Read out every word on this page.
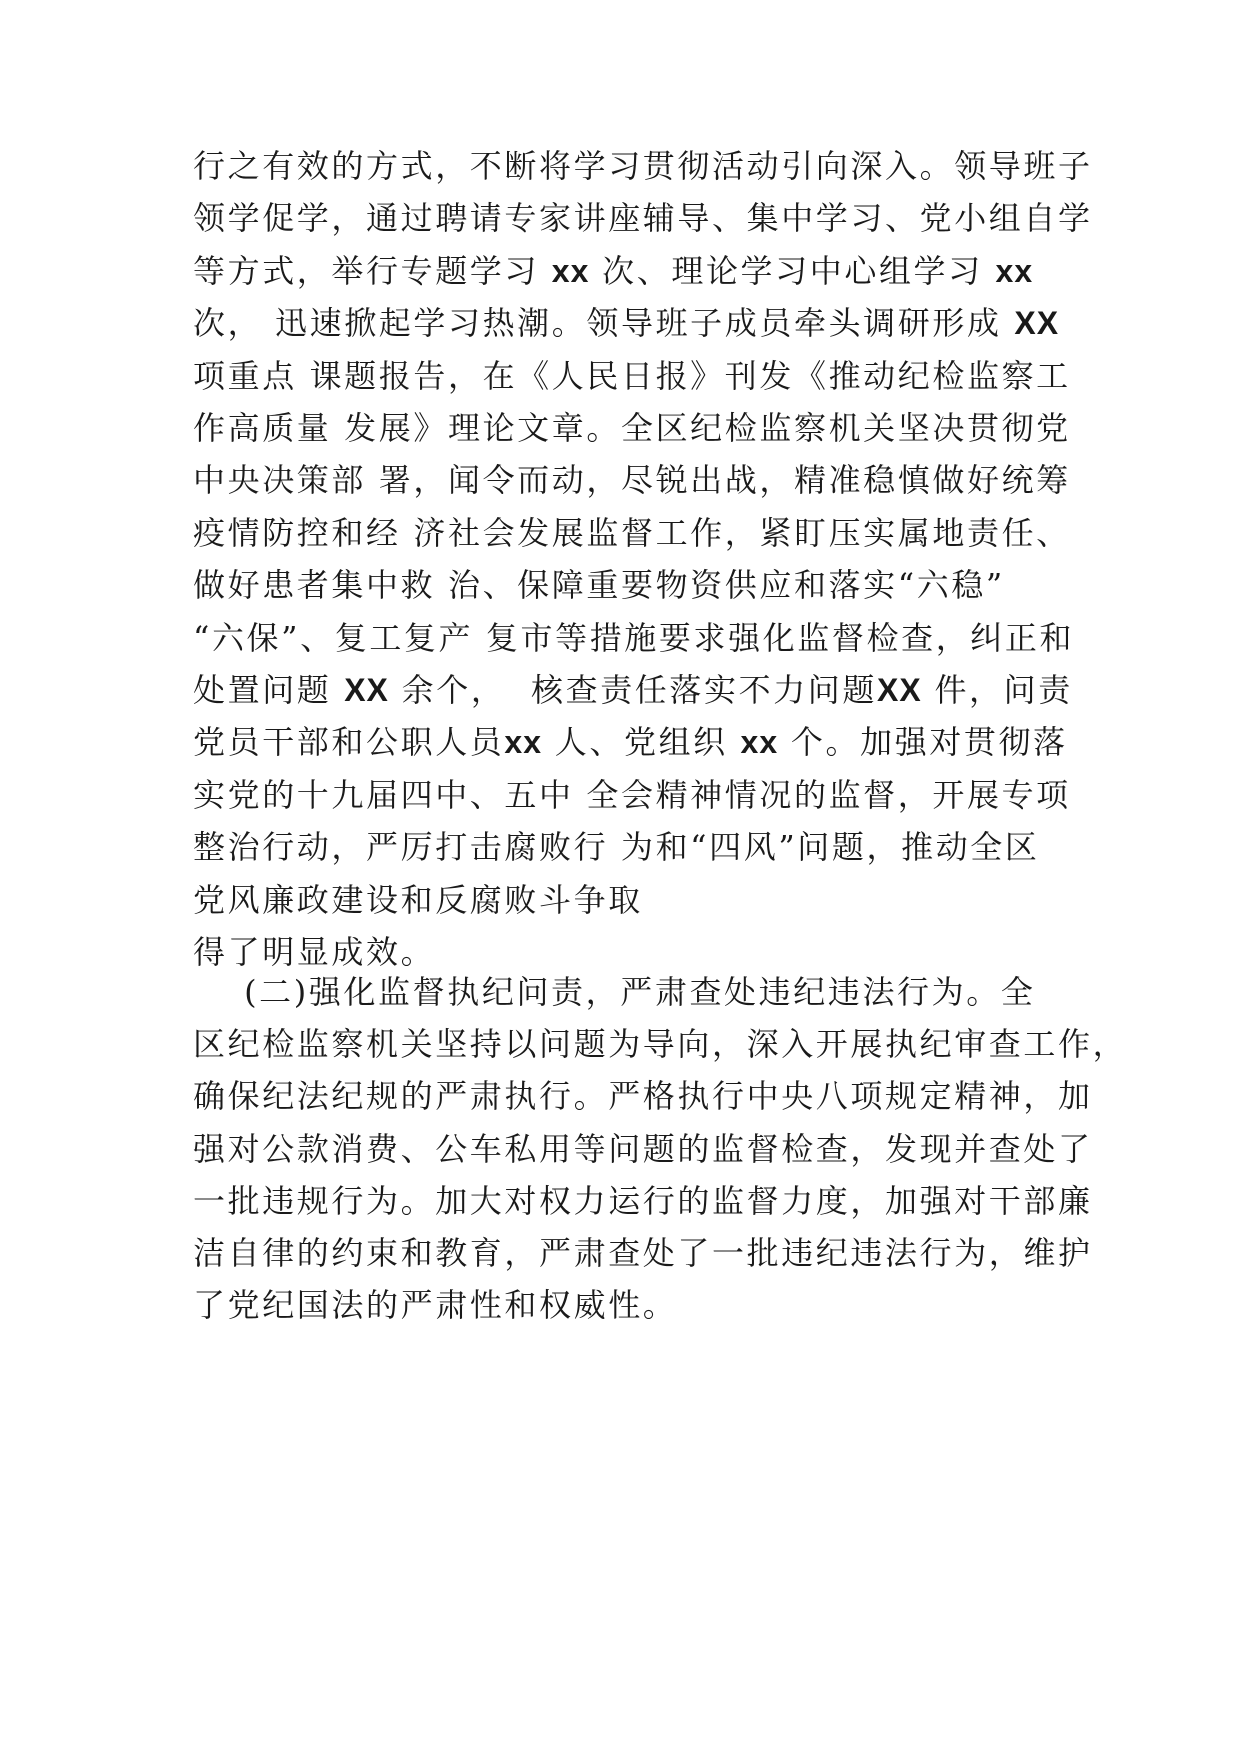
行之有效的方式，不断将学习贯彻活动引向深入。领导班子
领学促学，通过聘请专家讲座辅导、集中学习、党小组自学
等方式，举行专题学习 xx 次、理论学习中心组学习 xx
次， 迅速掀起学习热潮。领导班子成员牵头调研形成 XX
项重点 课题报告，在《人民日报》刊发《推动纪检监察工
作高质量 发展》理论文章。全区纪检监察机关坚决贯彻党
中央决策部 署，闻令而动，尽锐出战，精准稳慎做好统筹
疫情防控和经 济社会发展监督工作，紧盯压实属地责任、
做好患者集中救 治、保障重要物资供应和落实“六稳”
“六保”、复工复产 复市等措施要求强化监督检查，纠正和
处置问题 XX 余个，  核查责任落实不力问题XX 件，问责
党员干部和公职人员xx 人、党组织 xx 个。加强对贯彻落
实党的十九届四中、五中 全会精神情况的监督，开展专项
整治行动，严厉打击腐败行 为和“四风”问题，推动全区
党风廉政建设和反腐败斗争取
得了明显成效。
(二)强化监督执纪问责，严肃查处违纪违法行为。全
区纪检监察机关坚持以问题为导向，深入开展执纪审查工作，
确保纪法纪规的严肃执行。严格执行中央八项规定精神，加
强对公款消费、公车私用等问题的监督检查，发现并查处了
一批违规行为。加大对权力运行的监督力度，加强对干部廉
洁自律的约束和教育，严肃查处了一批违纪违法行为，维护
了党纪国法的严肃性和权威性。
